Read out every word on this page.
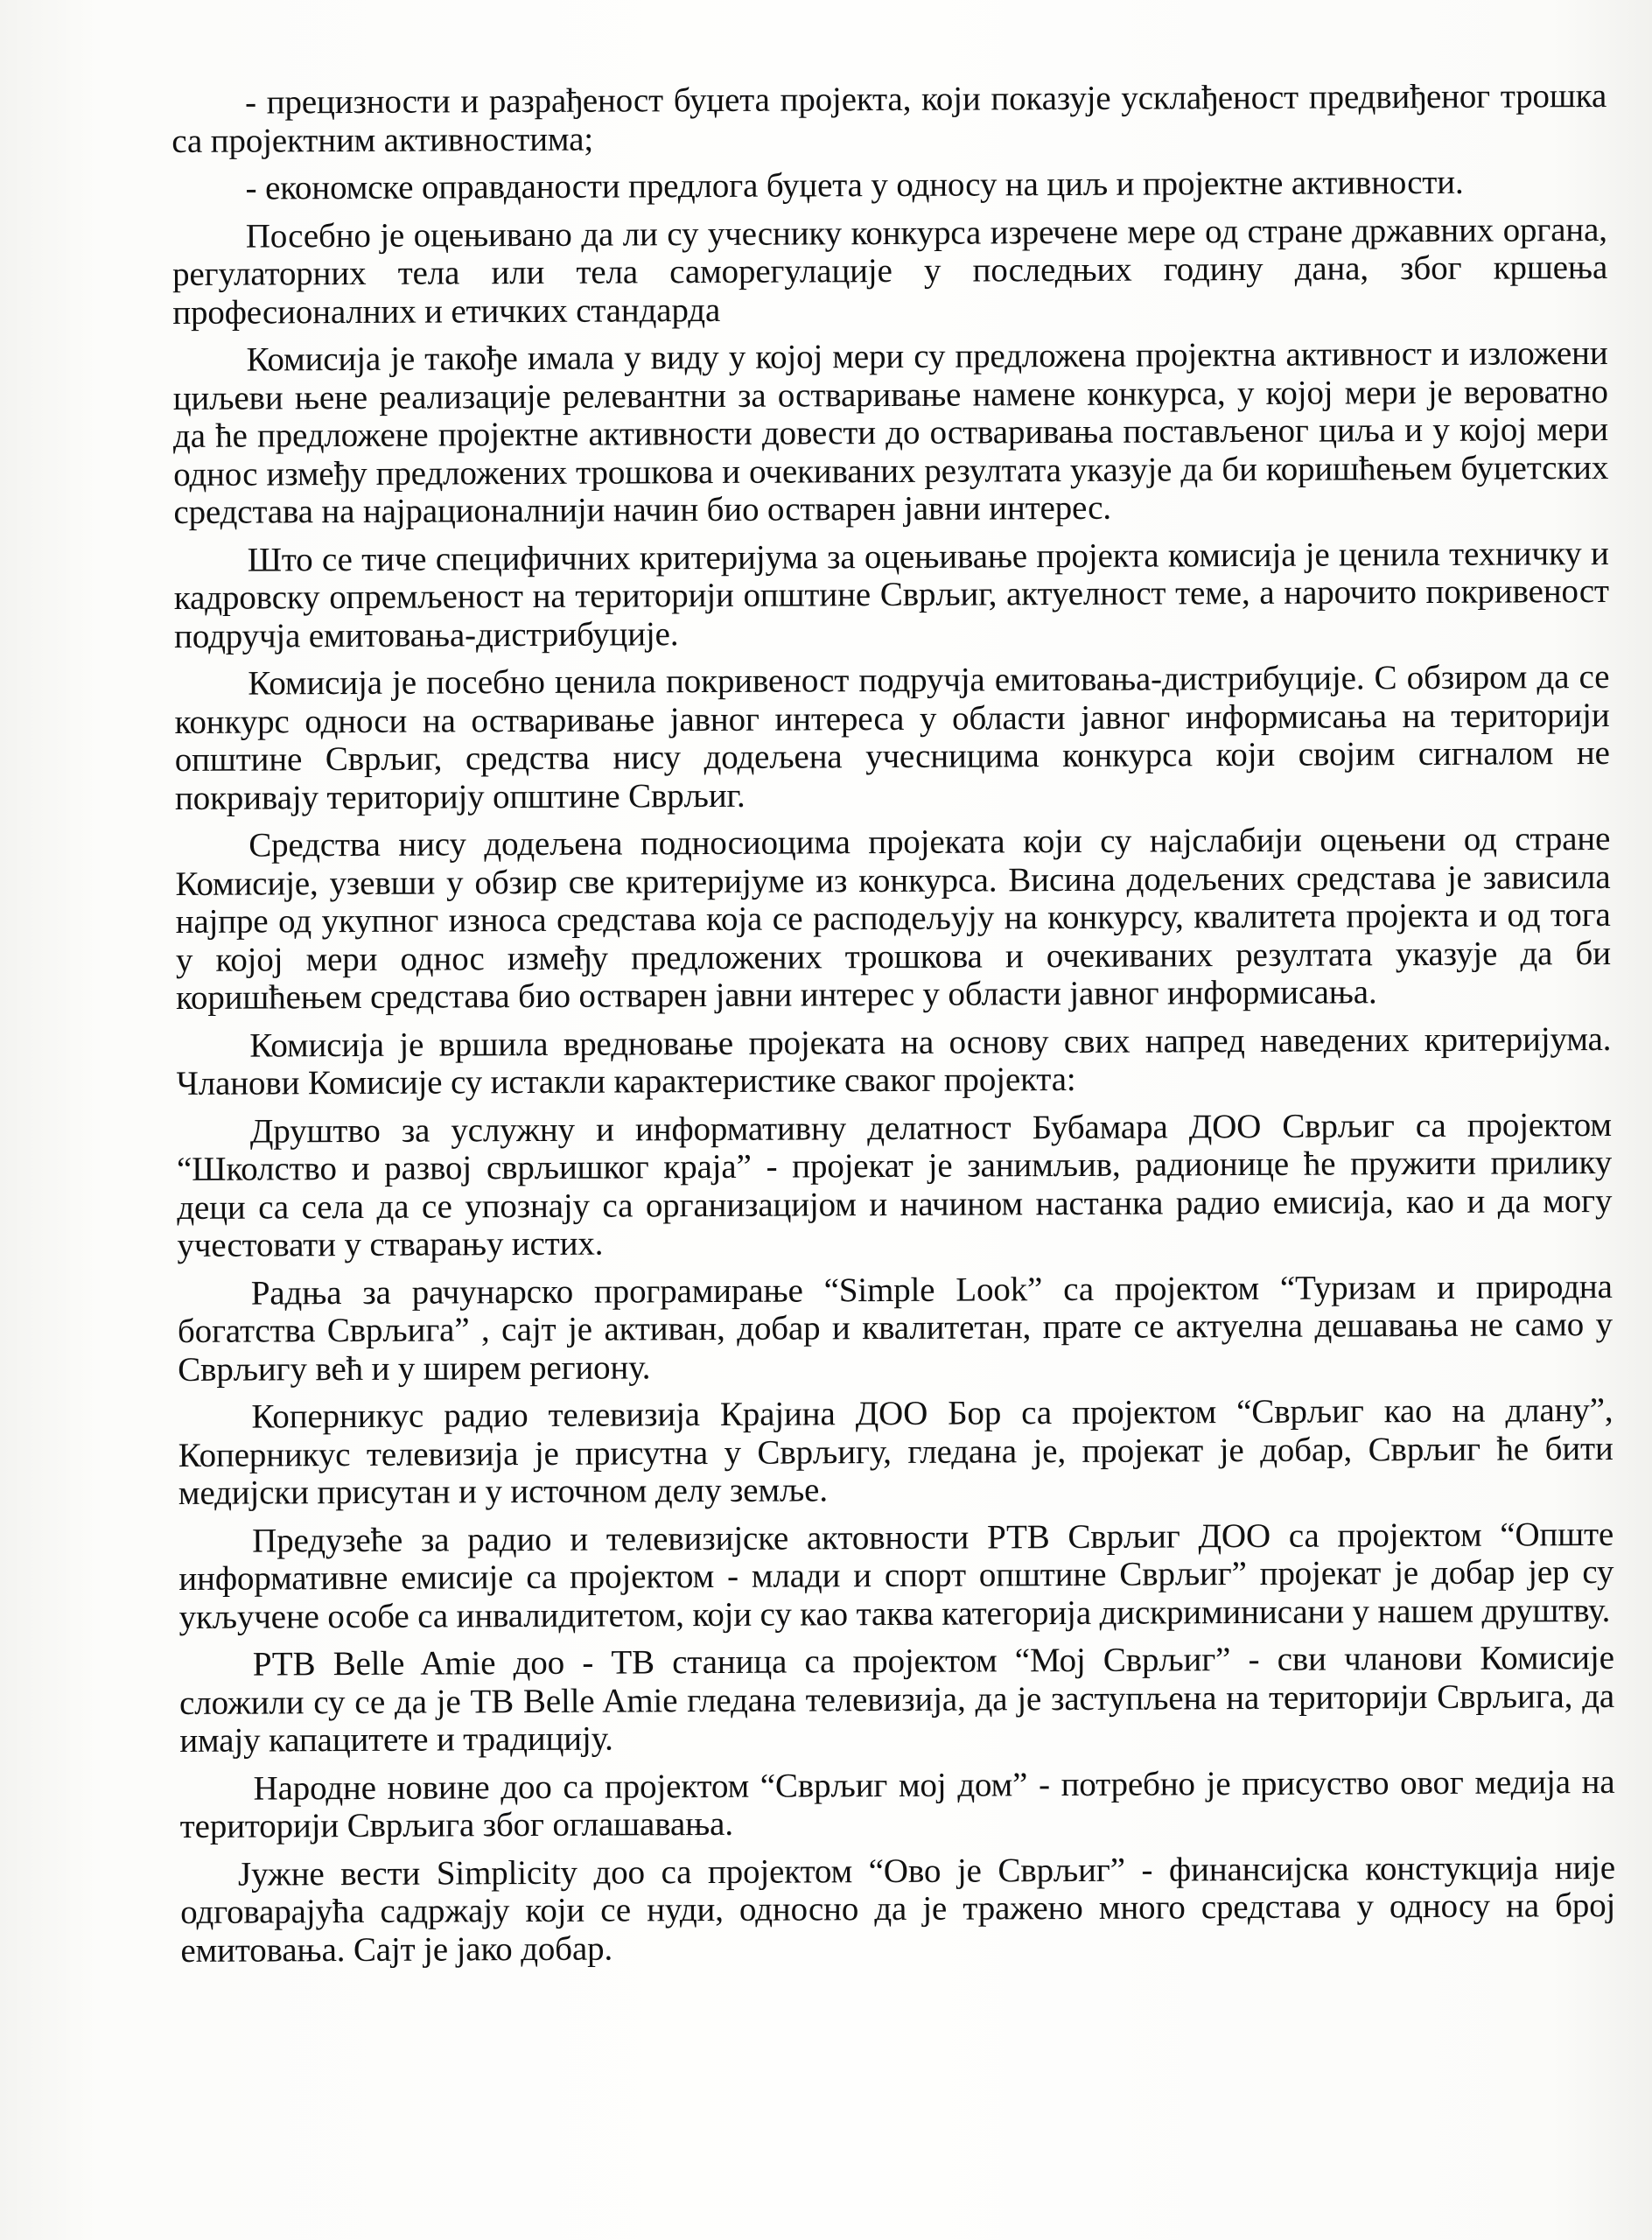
- прецизности и разрађеност буџета пројекта, који показује усклађеност предвиђеног трошка са пројектним активностима;

- економске оправданости предлога буџета у односу на циљ и пројектне активности.

Посебно је оцењивано да ли су учеснику конкурса изречене мере од стране државних органа, регулаторних тела или тела саморегулације у последњих годину дана, због кршења професионалних и етичких стандарда

Комисија је такође имала у виду у којој мери су предложена пројектна активност и изложени циљеви њене реализације релевантни за остваривање намене конкурса, у којој мери је вероватно да ће предложене пројектне активности довести до остваривања постављеног циља и у којој мери однос између предложених трошкова и очекиваних резултата указује да би коришћењем буџетских средстава на најрационалнији начин био остварен јавни интерес.

Што се тиче специфичних критеријума за оцењивање пројекта комисија је ценила техничку и кадровску опремљеност на територији општине Сврљиг, актуелност теме, а нарочито покривеност подручја емитовања-дистрибуције.

Комисија је посебно ценила покривеност подручја емитовања-дистрибуције. С обзиром да се конкурс односи на остваривање јавног интереса у области јавног информисања на територији општине Сврљиг, средства нису додељена учесницима конкурса који својим сигналом не покривају територију општине Сврљиг.

Средства нису додељена подносиоцима пројеката који су најслабији оцењени од стране Комисије, узевши у обзир све критеријуме из конкурса. Висина додељених средстава је зависила најпре од укупног износа средстава која се расподељују на конкурсу, квалитета пројекта и од тога у којој мери однос између предложених трошкова и очекиваних резултата указује да би коришћењем средстава био остварен јавни интерес у области јавног информисања.

Комисија је вршила вредновање пројеката на основу свих напред наведених критеријума. Чланови Комисије су истакли карактеристике сваког пројекта:

Друштво за услужну и информативну делатност Бубамара ДОО Сврљиг са пројектом “Школство и развој сврљишког краја” - пројекат је занимљив, радионице ће пружити прилику деци са села да се упознају са организацијом и начином настанка радио емисија, као и да могу учестовати у стварању истих.

Радња за рачунарско програмирање “Simple Look” са пројектом “Туризам и природна богатства Сврљига” , сајт је активан, добар и квалитетан, прате се актуелна дешавања не само у Сврљигу већ и у ширем региону.

Коперникус радио телевизија Крајина ДОО Бор са пројектом “Сврљиг као на длану”, Коперникус телевизија је присутна у Сврљигу, гледана је, пројекат је добар, Сврљиг ће бити медијски присутан и у источном делу земље.

Предузеће за радио и телевизијске актовности РТВ Сврљиг ДОО са пројектом “Опште информативне емисије са пројектом - млади и спорт општине Сврљиг” пројекат је добар јер су укључене особе са инвалидитетом, који су као таква категорија дискриминисани у нашем друштву.

РТВ Belle Amie доо - ТВ станица са пројектом “Мој Сврљиг” - сви чланови Комисије сложили су се да је ТВ Belle Amie гледана телевизија, да је заступљена на територији Сврљига, да имају капацитете и традицију.

Народне новине доо са пројектом “Сврљиг мој дом” - потребно је присуство овог медија на територији Сврљига због оглашавања.

Јужне вести Simplicity доо са пројектом “Ово је Сврљиг” - финансијска констукција није одговарајућа садржају који се нуди, односно да је тражено много средстава у односу на број емитовања. Сајт је јако добар.
